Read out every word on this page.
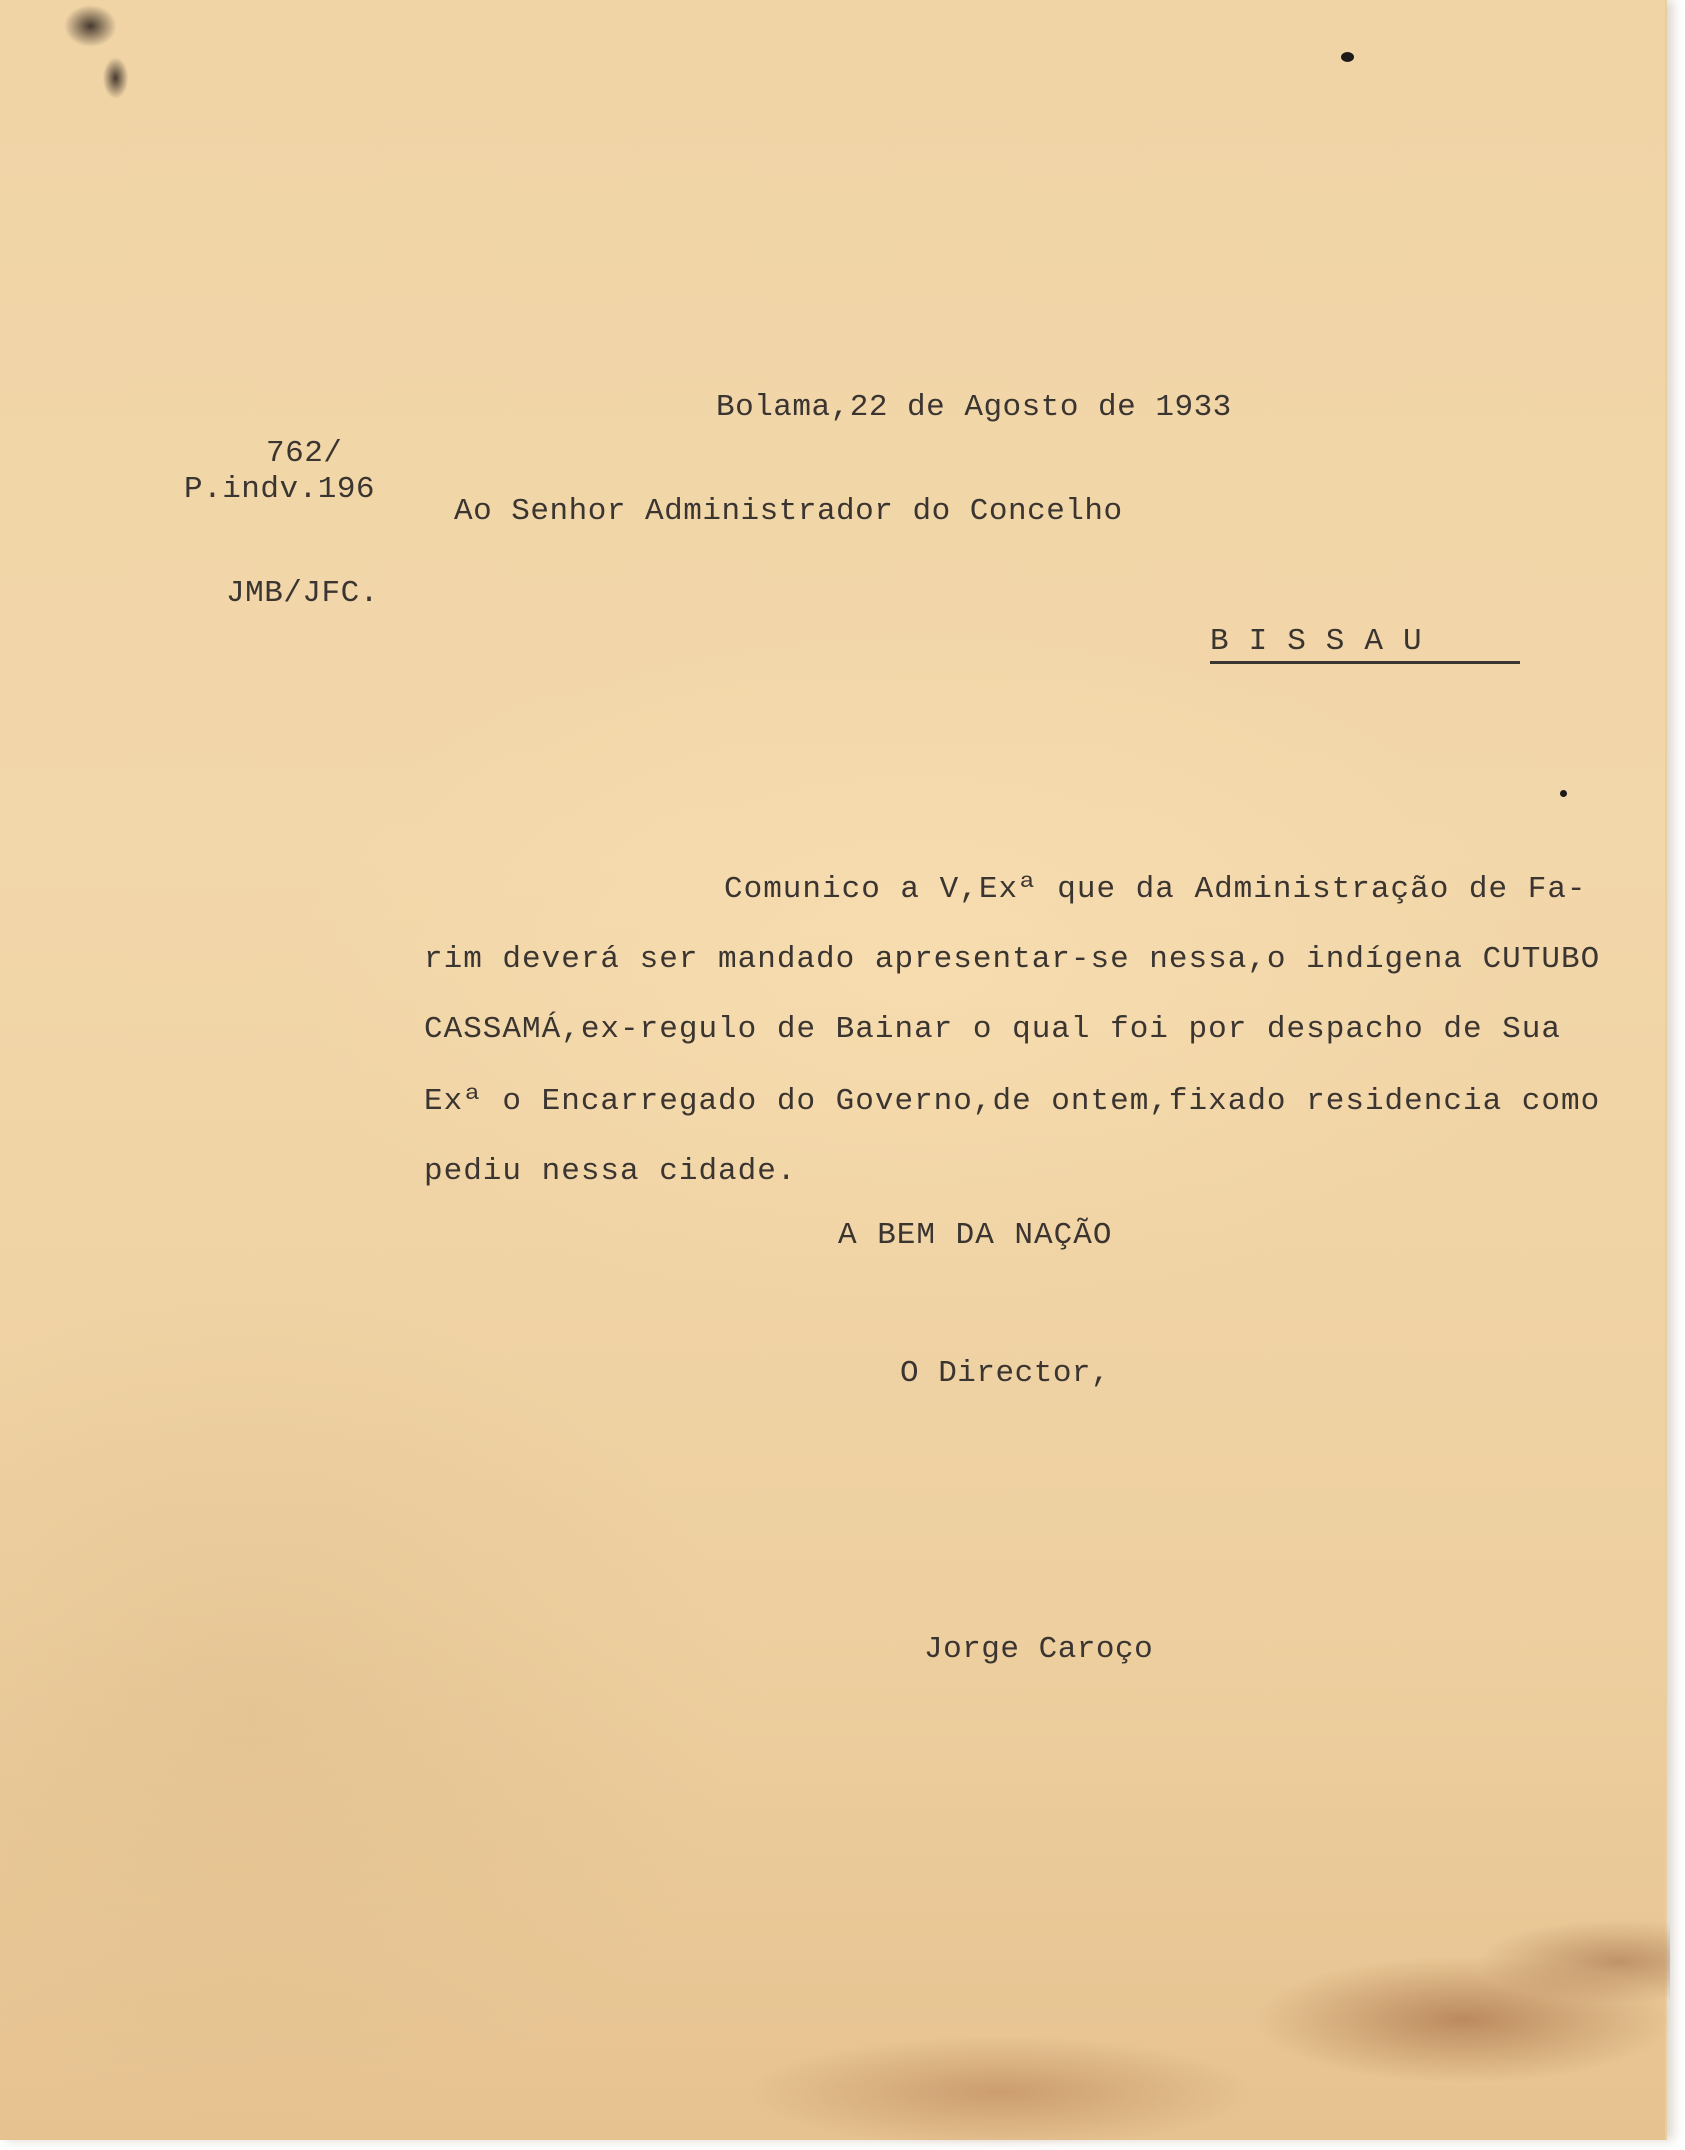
Bolama,22 de Agosto de 1933
762/
P.indv.196
JMB/JFC.
Ao Senhor Administrador do Concelho
BISSAU
Comunico a V,Exª que da Administração de Fa-
rim deverá ser mandado apresentar-se nessa,o indígena CUTUBO
CASSAMÁ,ex-regulo de Bainar o qual foi por despacho de Sua
Exª o Encarregado do Governo,de ontem,fixado residencia como
pediu nessa cidade.
A BEM DA NAÇÃO
O Director,
Jorge Caroço
